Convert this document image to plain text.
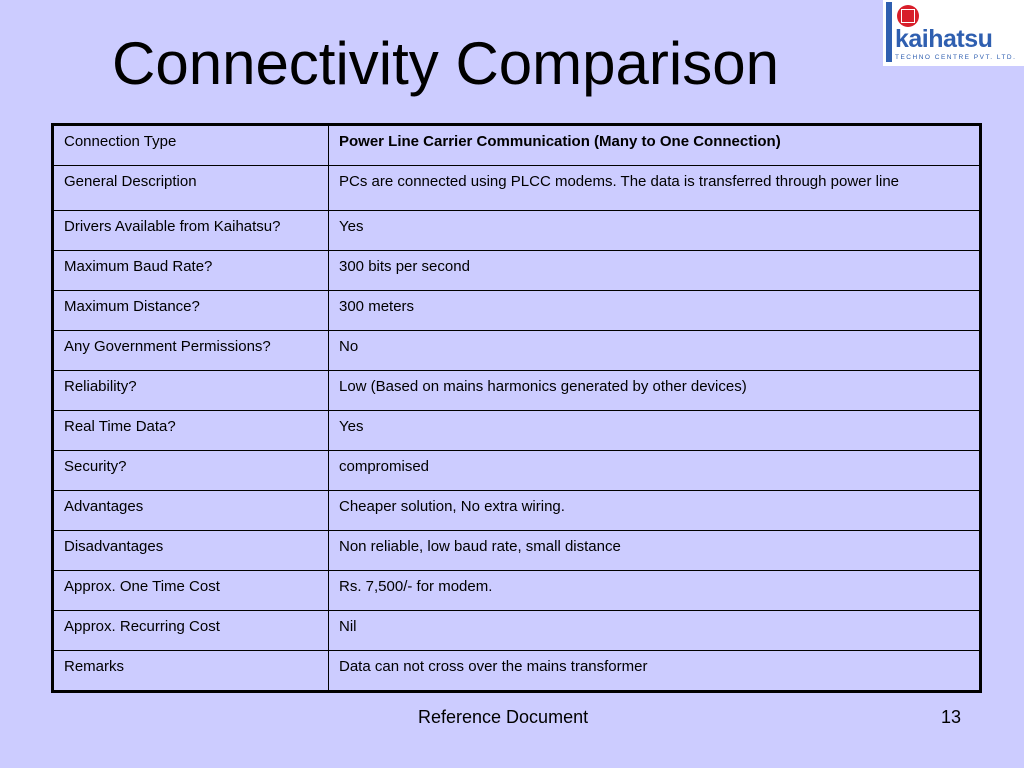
Connectivity Comparison	kaihatsu
TECHNO CENTRE PVT. LTD.
Connection Type	Power Line Carrier Communication (Many to One Connection)
General Description	PCs are connected using PLCC modems. The data is transferred through power line
Drivers Available from Kaihatsu?	Yes
Maximum Baud Rate?	300 bits per second
Maximum Distance?	300 meters
Any Government Permissions?	No
Reliability?	Low (Based on mains harmonics generated by other devices)
Real Time Data?	Yes
Security?	compromised
Advantages	Cheaper solution, No extra wiring.
Disadvantages	Non reliable, low baud rate, small distance
Approx. One Time Cost	Rs. 7,500/- for modem.
Approx. Recurring Cost	Nil
Remarks	Data can not cross over the mains transformer
Reference Document	13
